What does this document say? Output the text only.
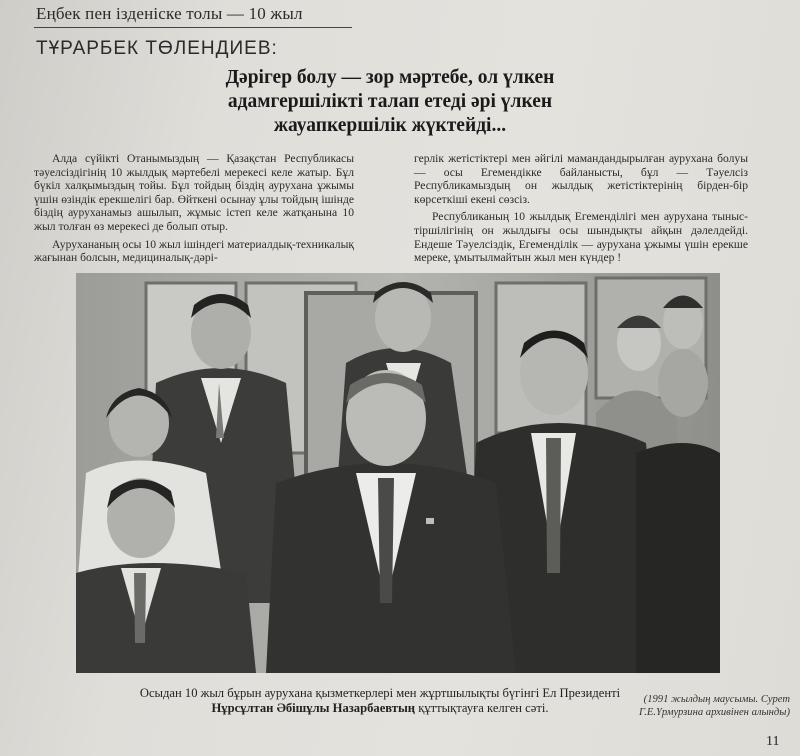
Еңбек пен ізденіске толы — 10 жыл
ТҰРАРБЕК ТӨЛЕНДИЕВ:
Дәрігер болу — зор мәртебе, ол үлкен
адамгершілікті талап етеді әрі үлкен
жауапкершілік жүктейді...

Алда сүйікті Отанымыздың — Қазақстан Республикасы тәуелсіздігінің 10 жылдық мәртебелі мерекесі келе жатыр. Бұл бүкіл халқымыздың тойы. Бұл тойдың біздің аурухана ұжымы үшін өзіндік ерекшелігі бар. Өйткені осынау ұлы тойдың ішінде біздің ауруханамыз ашылып, жұмыс істеп келе жатқанына 10 жыл толған өз мерекесі де болып отыр.

Аурухананың осы 10 жыл ішіндегі материалдық-техникалық жағынан болсын, медициналық-дәрі-

герлік жетістіктері мен әйгілі мамандандырылған аурухана болуы — осы Егемендікке байланысты, бұл — Тәуелсіз Республикамыздың он жылдық жетістіктерінің бірден-бір көрсеткіші екені сөзсіз.

Республиканың 10 жылдық Егеменділігі мен аурухана тыныс-тіршілігінің он жылдығы осы шындықты айқын дәлелдейді. Ендеше Тәуелсіздік, Егеменділік — аурухана ұжымы үшін ерекше мереке, ұмытылмайтын жыл мен күндер !

Осыдан 10 жыл бұрын аурухана қызметкерлері мен жұртшылықты бүгінгі Ел Президенті
Нұрсұлтан Әбішұлы Назарбаевтың құттықтауға келген сәті.
(1991 жылдың маусымы. Сурет
Г.Е.Үрмурзина архивінен алынды)
11
